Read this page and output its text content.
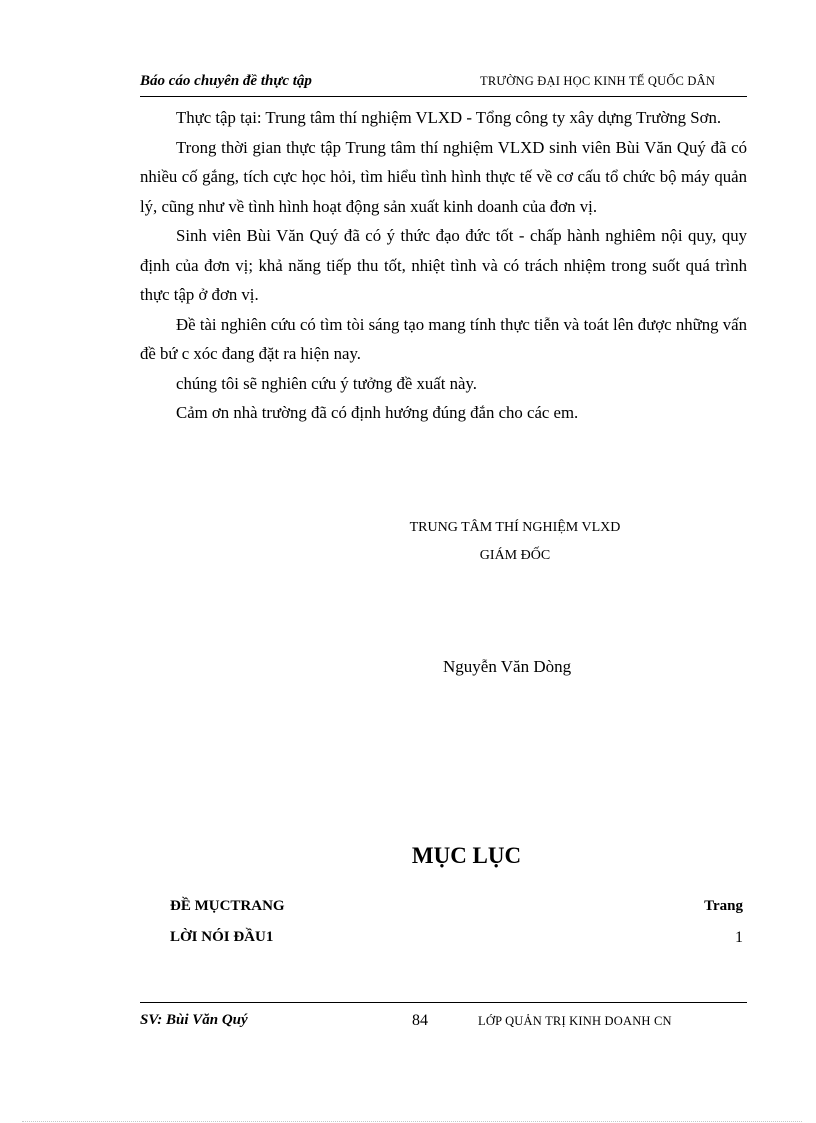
Báo cáo chuyên đề thực tập	TRƯỜNG ĐẠI HỌC KINH TẾ QUỐC DÂN

Thực tập tại: Trung tâm thí nghiệm VLXD - Tổng công ty xây dựng Trường Sơn.

Trong thời gian thực tập Trung tâm thí nghiệm VLXD sinh viên Bùi Văn Quý đã có nhiều cố gắng, tích cực học hỏi, tìm hiểu tình hình thực tế về cơ cấu tổ chức bộ máy quản lý, cũng như về tình hình hoạt động sản xuất kinh doanh của đơn vị.

Sinh viên Bùi Văn Quý đã có ý thức đạo đức tốt - chấp hành nghiêm nội quy, quy định của đơn vị; khả năng tiếp thu tốt, nhiệt tình và có trách nhiệm trong suốt quá trình thực tập ở đơn vị.

Đề tài nghiên cứu có tìm tòi sáng tạo mang tính thực tiễn và toát lên được những vấn đề bứ c xóc đang đặt ra hiện nay.

chúng tôi sẽ nghiên cứu ý tưởng đề xuất này.

Cảm ơn nhà trường đã có định hướng đúng đắn cho các em.

TRUNG TÂM THÍ NGHIỆM VLXD
GIÁM ĐỐC
Nguyễn Văn Dòng
MỤC LỤC
ĐỀ MỤCTRANG	Trang
LỜI NÓI ĐẦU1	1
SV: Bùi Văn Quý	84	LỚP QUẢN TRỊ KINH DOANH CN
